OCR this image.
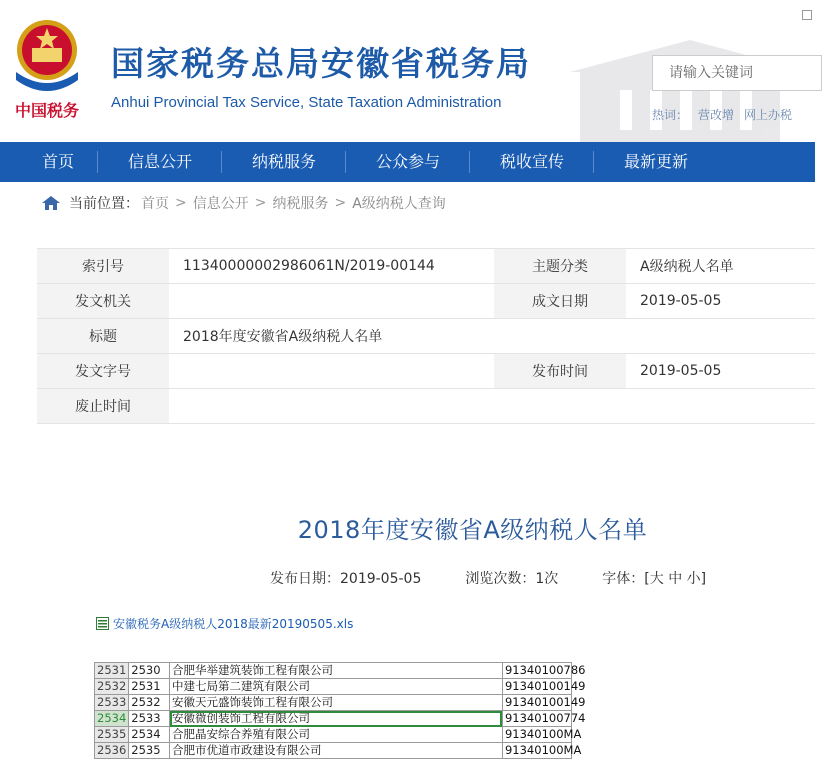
中国税务
国家税务总局安徽省税务局
Anhui Provincial Tax Service, State Taxation Administration
请输入关键词
热词： 营改增 网上办税
首页	信息公开	纳税服务	公众参与	税收宣传	最新更新
当前位置： 首页 > 信息公开 > 纳税服务 > A级纳税人查询
索引号	11340000002986061N/2019-00144	主题分类	A级纳税人名单
发文机关		成文日期	2019-05-05
标题	2018年度安徽省A级纳税人名单		
发文字号		发布时间	2019-05-05
废止时间			
2018年度安徽省A级纳税人名单
发布日期：2019-05-05	浏览次数：1次	字体：[大 中 小]
安徽税务A级纳税人2018最新20190505.xls
2531	2530	合肥华举建筑装饰工程有限公司	91340100786
2532	2531	中建七局第二建筑有限公司	91340100149
2533	2532	安徽天元盛饰装饰工程有限公司	91340100149
2534	2533	安徽微创装饰工程有限公司	91340100774
2535	2534	合肥晶安综合养殖有限公司	91340100MA
2536	2535	合肥市优道市政建设有限公司	91340100MA
